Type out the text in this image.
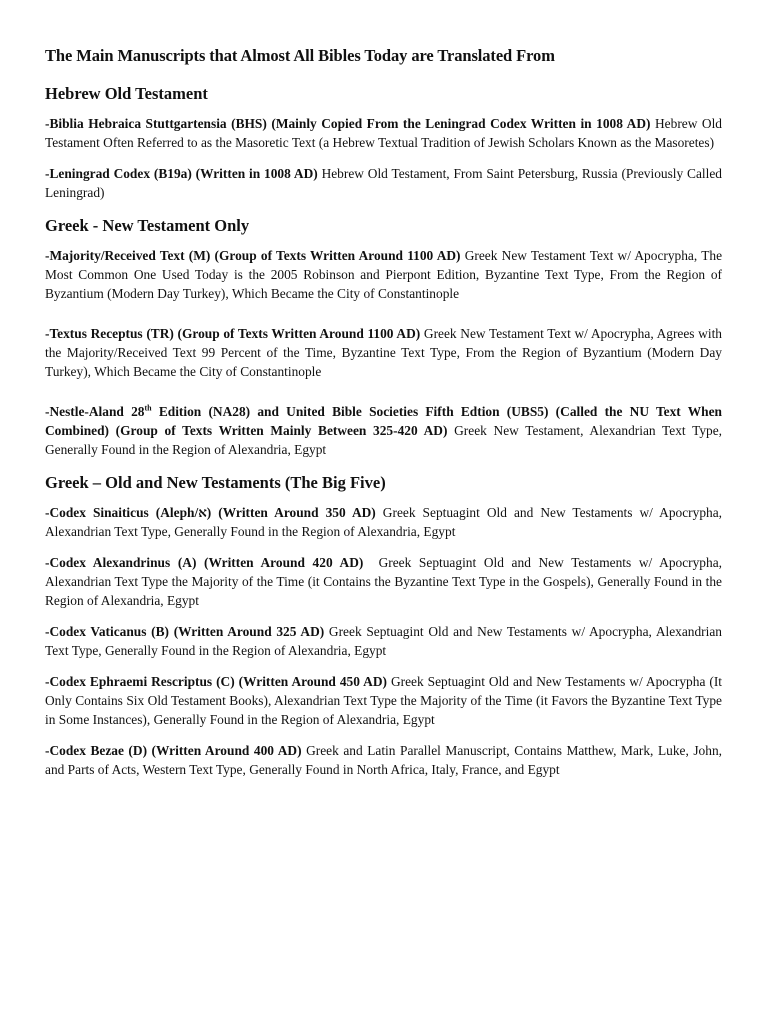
The Main Manuscripts that Almost All Bibles Today are Translated From
Hebrew Old Testament

-Biblia Hebraica Stuttgartensia (BHS) (Mainly Copied From the Leningrad Codex Written in 1008 AD) Hebrew Old Testament Often Referred to as the Masoretic Text (a Hebrew Textual Tradition of Jewish Scholars Known as the Masoretes)

-Leningrad Codex (B19a) (Written in 1008 AD) Hebrew Old Testament, From Saint Petersburg, Russia (Previously Called Leningrad)

Greek - New Testament Only

-Majority/Received Text (M) (Group of Texts Written Around 1100 AD) Greek New Testament Text w/ Apocrypha, The Most Common One Used Today is the 2005 Robinson and Pierpont Edition, Byzantine Text Type, From the Region of Byzantium (Modern Day Turkey), Which Became the City of Constantinople

-Textus Receptus (TR) (Group of Texts Written Around 1100 AD) Greek New Testament Text w/ Apocrypha, Agrees with the Majority/Received Text 99 Percent of the Time, Byzantine Text Type, From the Region of Byzantium (Modern Day Turkey), Which Became the City of Constantinople

-Nestle-Aland 28th Edition (NA28) and United Bible Societies Fifth Edtion (UBS5) (Called the NU Text When Combined) (Group of Texts Written Mainly Between 325-420 AD) Greek New Testament, Alexandrian Text Type, Generally Found in the Region of Alexandria, Egypt

Greek – Old and New Testaments (The Big Five)

-Codex Sinaiticus (Aleph/א) (Written Around 350 AD) Greek Septuagint Old and New Testaments w/ Apocrypha, Alexandrian Text Type, Generally Found in the Region of Alexandria, Egypt

-Codex Alexandrinus (A) (Written Around 420 AD)  Greek Septuagint Old and New Testaments w/ Apocrypha, Alexandrian Text Type the Majority of the Time (it Contains the Byzantine Text Type in the Gospels), Generally Found in the Region of Alexandria, Egypt

-Codex Vaticanus (B) (Written Around 325 AD) Greek Septuagint Old and New Testaments w/ Apocrypha, Alexandrian Text Type, Generally Found in the Region of Alexandria, Egypt

-Codex Ephraemi Rescriptus (C) (Written Around 450 AD) Greek Septuagint Old and New Testaments w/ Apocrypha (It Only Contains Six Old Testament Books), Alexandrian Text Type the Majority of the Time (it Favors the Byzantine Text Type in Some Instances), Generally Found in the Region of Alexandria, Egypt

-Codex Bezae (D) (Written Around 400 AD) Greek and Latin Parallel Manuscript, Contains Matthew, Mark, Luke, John, and Parts of Acts, Western Text Type, Generally Found in North Africa, Italy, France, and Egypt
